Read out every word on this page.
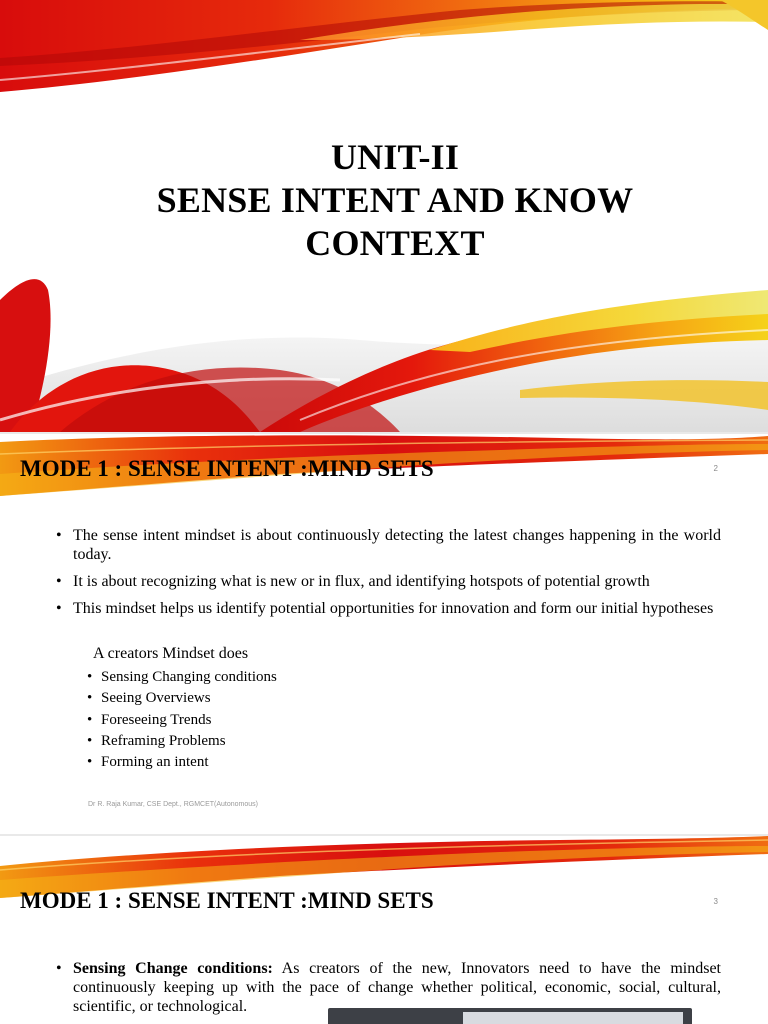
UNIT-II
SENSE INTENT AND KNOW
CONTEXT
MODE 1 : SENSE INTENT :MIND SETS	2
• The sense intent mindset is about continuously detecting the latest changes happening in the world today.
• It is about recognizing what is new or in flux, and identifying hotspots of potential growth
• This mindset helps us identify potential opportunities for innovation and form our initial hypotheses
A creators Mindset does
• Sensing Changing conditions
• Seeing Overviews
• Foreseeing Trends
• Reframing Problems
• Forming an intent
Dr R. Raja Kumar, CSE Dept., RGMCET(Autonomous)
MODE 1 : SENSE INTENT :MIND SETS	3
• Sensing Change conditions: As creators of the new, Innovators need to have the mindset continuously keeping up with the pace of change whether political, economic, social, cultural, scientific, or technological.
